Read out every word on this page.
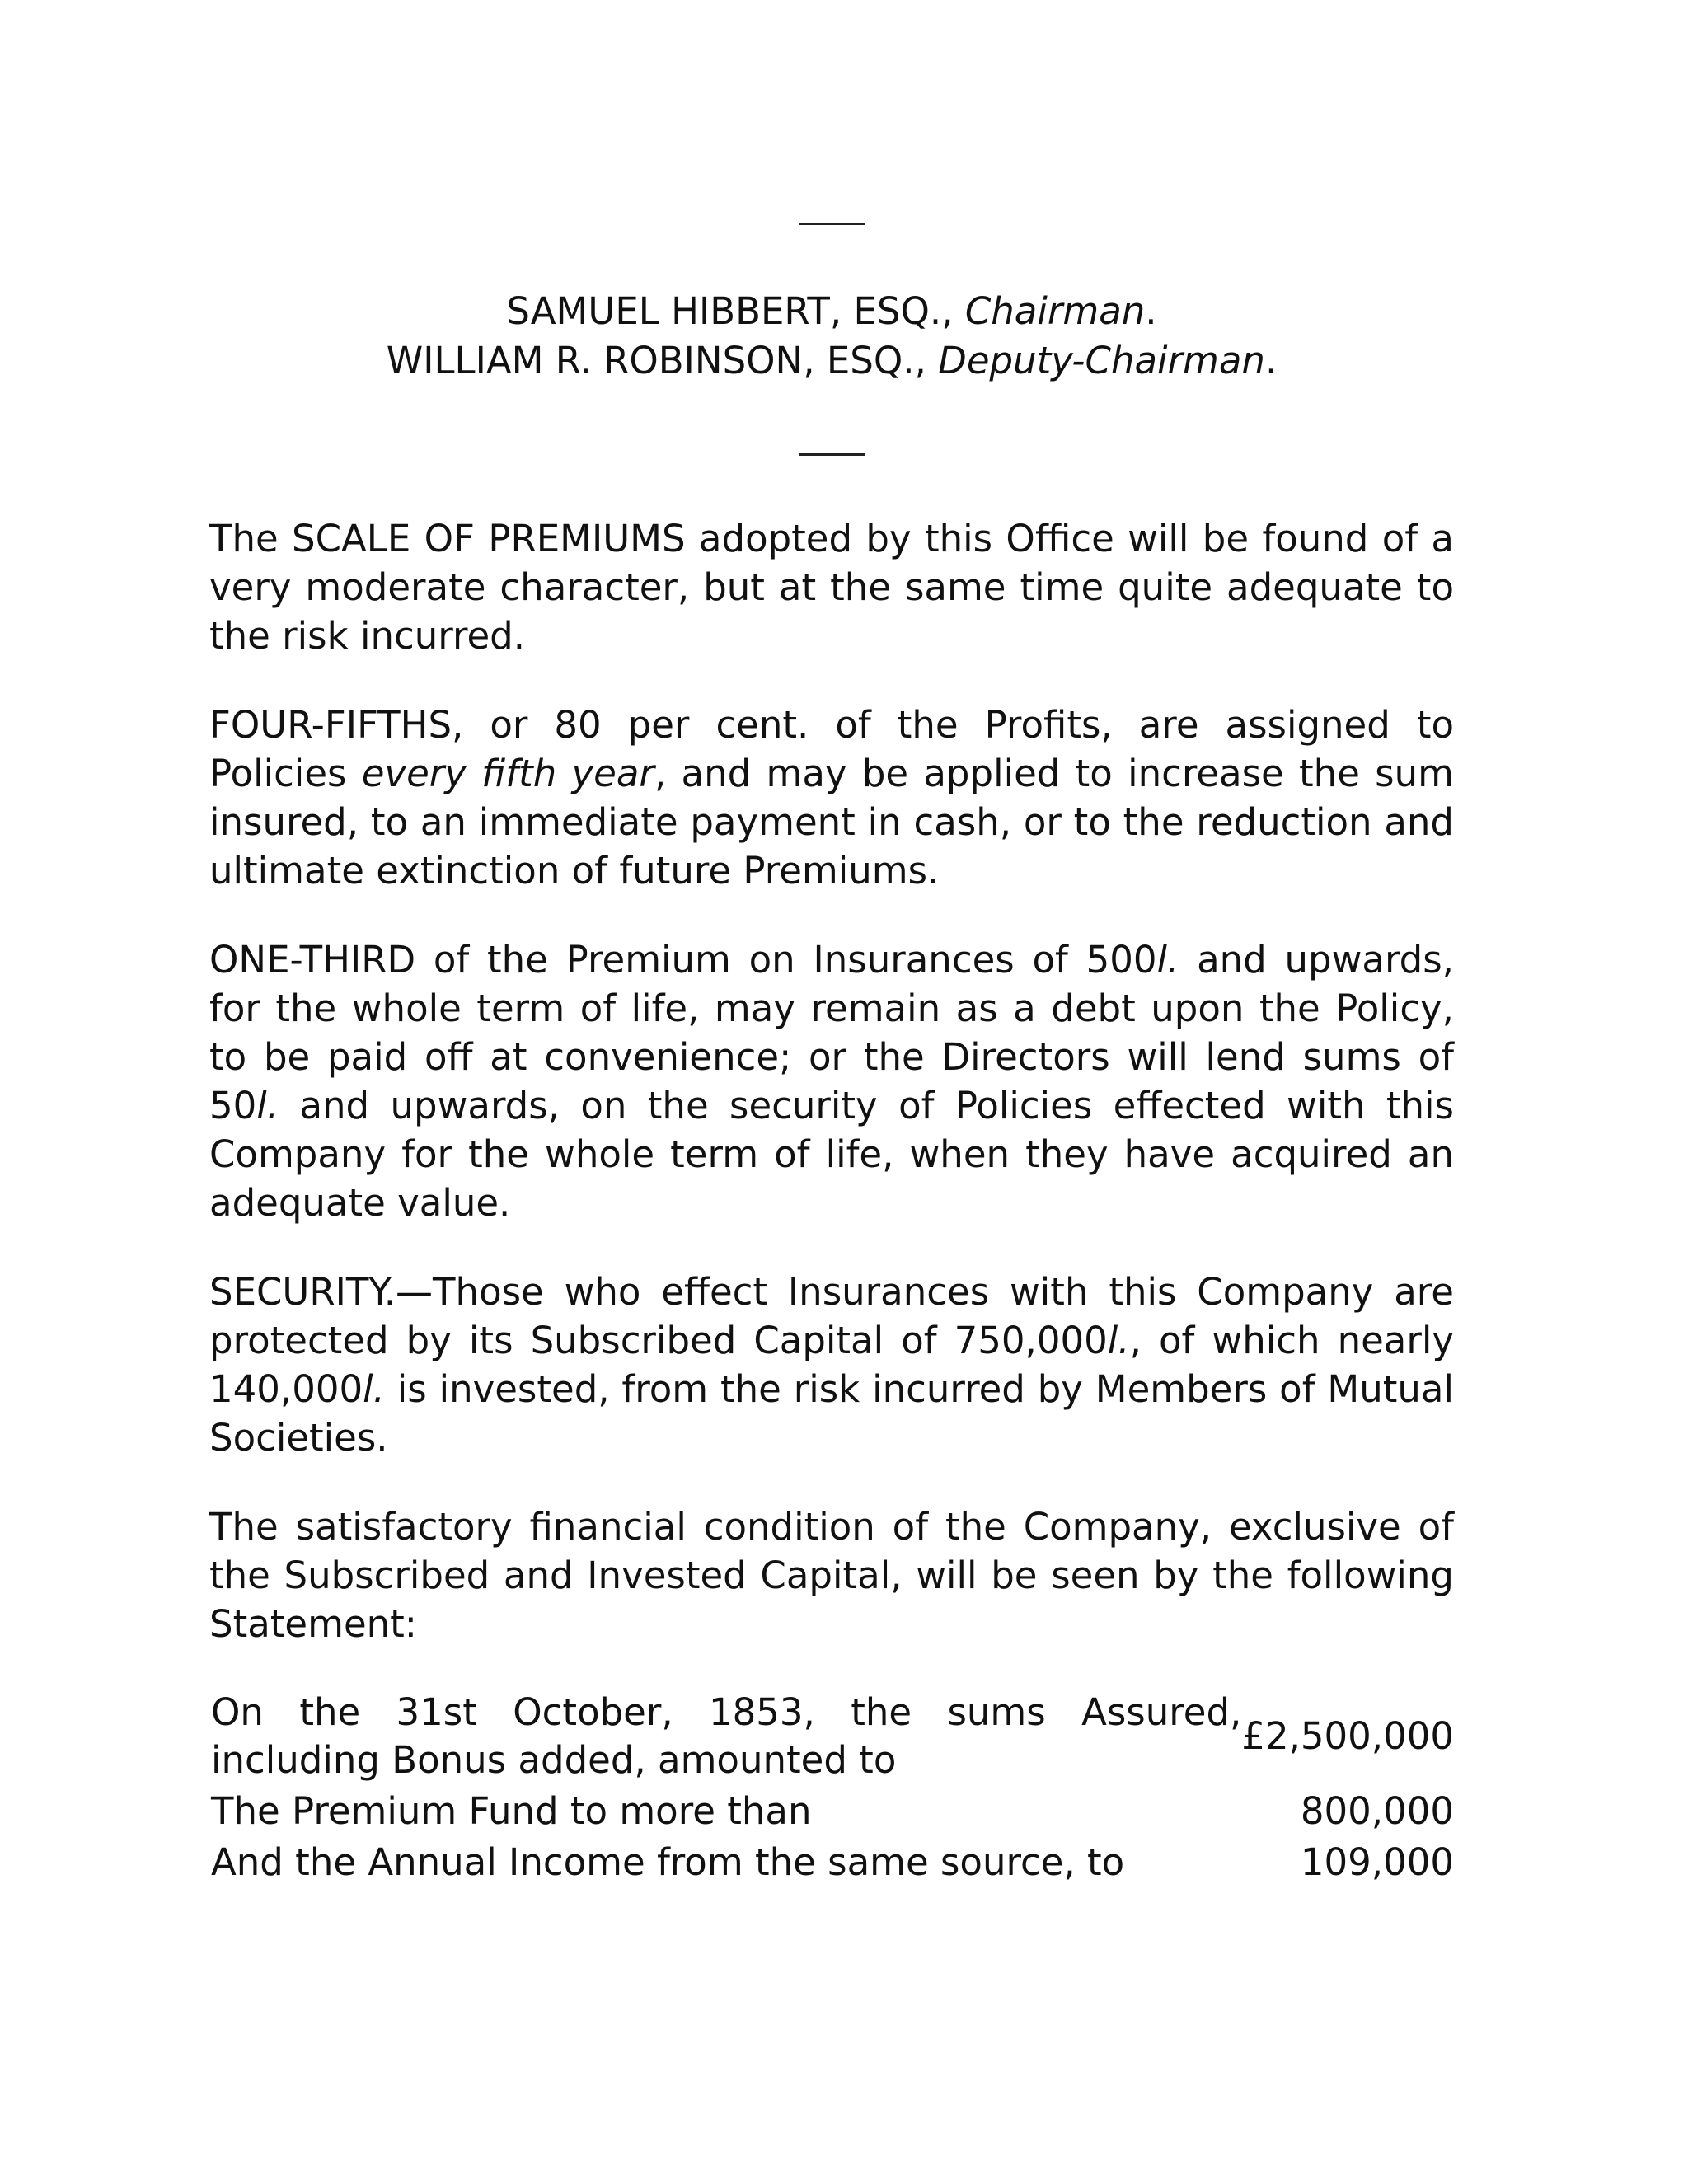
SAMUEL HIBBERT, ESQ., Chairman.
WILLIAM R. ROBINSON, ESQ., Deputy-Chairman.

The SCALE OF PREMIUMS adopted by this Office will be found of a very moderate character, but at the same time quite adequate to the risk incurred.

FOUR-FIFTHS, or 80 per cent. of the Profits, are assigned to Policies every fifth year, and may be applied to increase the sum insured, to an immediate payment in cash, or to the reduction and ultimate extinction of future Premiums.

ONE-THIRD of the Premium on Insurances of 500l. and upwards, for the whole term of life, may remain as a debt upon the Policy, to be paid off at convenience; or the Directors will lend sums of 50l. and upwards, on the security of Policies effected with this Company for the whole term of life, when they have acquired an adequate value.

SECURITY.—Those who effect Insurances with this Company are protected by its Subscribed Capital of 750,000l., of which nearly 140,000l. is invested, from the risk incurred by Members of Mutual Societies.

The satisfactory financial condition of the Company, exclusive of the Subscribed and Invested Capital, will be seen by the following Statement:

On the 31st October, 1853, the sums Assured, including Bonus added, amounted to	£2,500,000
The Premium Fund to more than	800,000
And the Annual Income from the same source, to	109,000
